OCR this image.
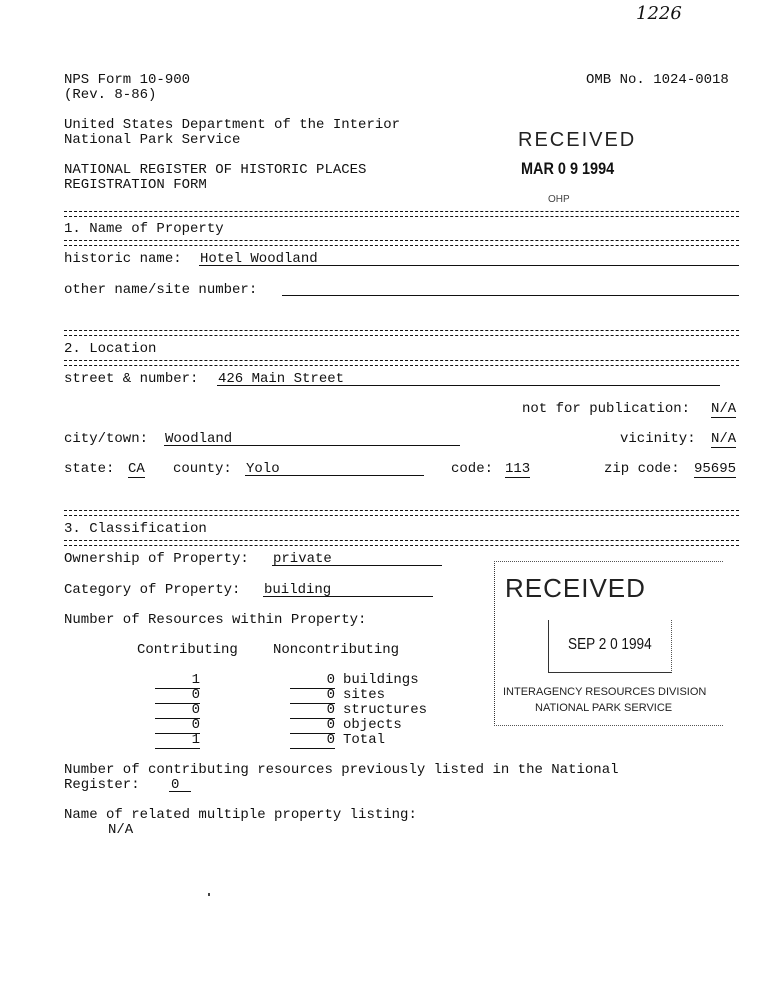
1226
NPS Form 10-900
(Rev. 8-86)
OMB No. 1024-0018
United States Department of the Interior
National Park Service
NATIONAL REGISTER OF HISTORIC PLACES
REGISTRATION FORM
RECEIVED
MAR 0 9 1994
OHP
1. Name of Property
historic name: Hotel Woodland
other name/site number:
2. Location
street & number: 426 Main Street
not for publication: N/A
city/town: Woodland	vicinity: N/A
state: CA county: Yolo	code: 113	zip code: 95695
3. Classification
Ownership of Property: private
Category of Property: building
Number of Resources within Property:
Contributing	Noncontributing
1	0 buildings
0	0 sites
0	0 structures
0	0 objects
1	0 Total
Number of contributing resources previously listed in the National
Register: 0
Name of related multiple property listing:
N/A
RECEIVED
SEP 2 0 1994
INTERAGENCY RESOURCES DIVISION
NATIONAL PARK SERVICE
